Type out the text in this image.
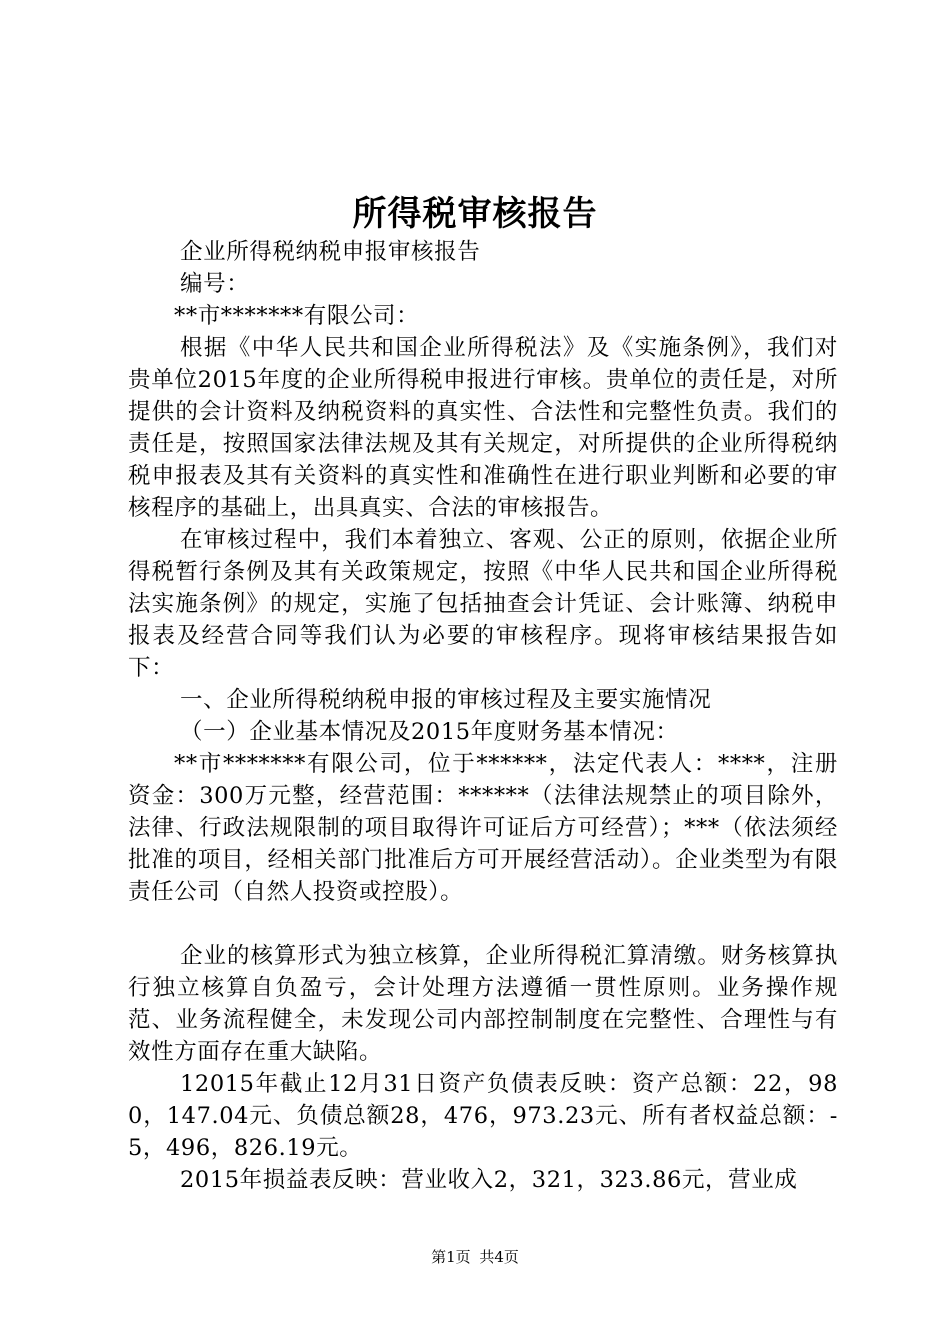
所得税审核报告

企业所得税纳税申报审核报告

编号：

**市*******有限公司：

根据《中华人民共和国企业所得税法》及《实施条例》，我们对贵单位2015年度的企业所得税申报进行审核。贵单位的责任是，对所提供的会计资料及纳税资料的真实性、合法性和完整性负责。我们的责任是，按照国家法律法规及其有关规定，对所提供的企业所得税纳税申报表及其有关资料的真实性和准确性在进行职业判断和必要的审核程序的基础上，出具真实、合法的审核报告。

在审核过程中，我们本着独立、客观、公正的原则，依据企业所得税暂行条例及其有关政策规定，按照《中华人民共和国企业所得税法实施条例》的规定，实施了包括抽查会计凭证、会计账簿、纳税申报表及经营合同等我们认为必要的审核程序。现将审核结果报告如下：

一、企业所得税纳税申报的审核过程及主要实施情况

（一）企业基本情况及2015年度财务基本情况：

**市*******有限公司，位于******，法定代表人：****，注册资金：300万元整，经营范围：******（法律法规禁止的项目除外，法律、行政法规限制的项目取得许可证后方可经营）；***（依法须经批准的项目，经相关部门批准后方可开展经营活动）。企业类型为有限责任公司（自然人投资或控股）。

企业的核算形式为独立核算，企业所得税汇算清缴。财务核算执行独立核算自负盈亏，会计处理方法遵循一贯性原则。业务操作规范、业务流程健全，未发现公司内部控制制度在完整性、合理性与有效性方面存在重大缺陷。

12015年截止12月31日资产负债表反映：资产总额：22，980，147.04元、负债总额28，476，973.23元、所有者权益总额：-5，496，826.19元。

2015年损益表反映：营业收入2，321，323.86元，营业成

第1页 共4页
